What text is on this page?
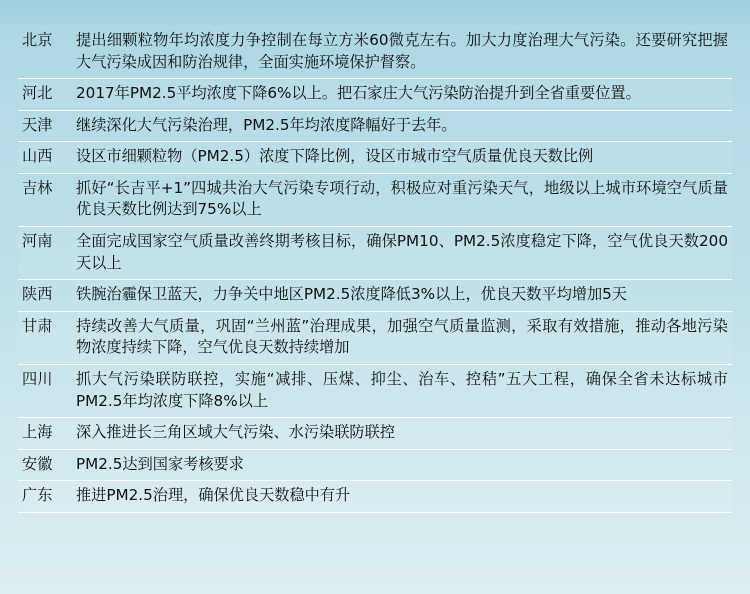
北京	提出细颗粒物年均浓度力争控制在每立方米60微克左右。加大力度治理大气污染。还要研究把握大气污染成因和防治规律，全面实施环境保护督察。
河北	2017年PM2.5平均浓度下降6%以上。把石家庄大气污染防治提升到全省重要位置。
天津	继续深化大气污染治理，PM2.5年均浓度降幅好于去年。
山西	设区市细颗粒物（PM2.5）浓度下降比例，设区市城市空气质量优良天数比例
吉林	抓好“长吉平+1”四城共治大气污染专项行动，积极应对重污染天气，地级以上城市环境空气质量优良天数比例达到75%以上
河南	全面完成国家空气质量改善终期考核目标，确保PM10、PM2.5浓度稳定下降，空气优良天数200天以上
陕西	铁腕治霾保卫蓝天，力争关中地区PM2.5浓度降低3%以上，优良天数平均增加5天
甘肃	持续改善大气质量，巩固“兰州蓝”治理成果，加强空气质量监测，采取有效措施，推动各地污染物浓度持续下降，空气优良天数持续增加
四川	抓大气污染联防联控，实施“减排、压煤、抑尘、治车、控秸”五大工程，确保全省未达标城市PM2.5年均浓度下降8%以上
上海	深入推进长三角区域大气污染、水污染联防联控
安徽	PM2.5达到国家考核要求
广东	推进PM2.5治理，确保优良天数稳中有升
